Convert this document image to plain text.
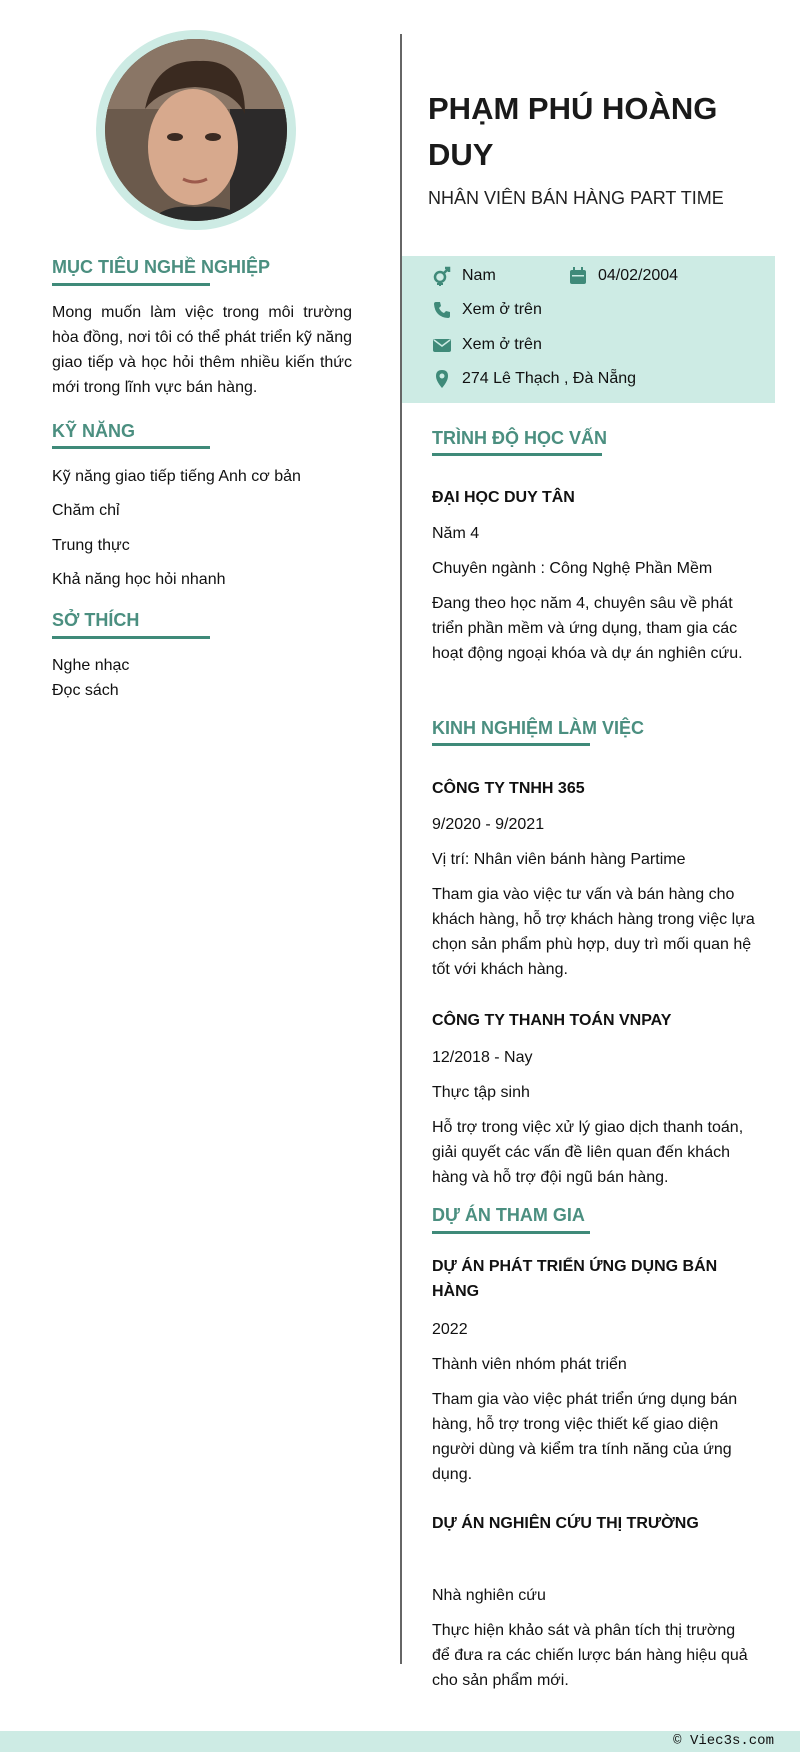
MỤC TIÊU NGHỀ NGHIỆP
Mong muốn làm việc trong môi trường hòa đồng, nơi tôi có thể phát triển kỹ năng giao tiếp và học hỏi thêm nhiều kiến thức mới trong lĩnh vực bán hàng.
KỸ NĂNG
Kỹ năng giao tiếp tiếng Anh cơ bản
Chăm chỉ
Trung thực
Khả năng học hỏi nhanh
SỞ THÍCH
Nghe nhạc
Đọc sách
PHẠM PHÚ HOÀNG DUY
NHÂN VIÊN BÁN HÀNG PART TIME
Nam	04/02/2004
Xem ở trên
Xem ở trên
274 Lê Thạch , Đà Nẵng
TRÌNH ĐỘ HỌC VẤN
ĐẠI HỌC DUY TÂN
Năm 4
Chuyên ngành : Công Nghệ Phần Mềm
Đang theo học năm 4, chuyên sâu về phát triển phần mềm và ứng dụng, tham gia các hoạt động ngoại khóa và dự án nghiên cứu.
KINH NGHIỆM LÀM VIỆC
CÔNG TY TNHH 365
9/2020 - 9/2021
Vị trí: Nhân viên bánh hàng Partime
Tham gia vào việc tư vấn và bán hàng cho khách hàng, hỗ trợ khách hàng trong việc lựa chọn sản phẩm phù hợp, duy trì mối quan hệ tốt với khách hàng.
CÔNG TY THANH TOÁN VNPAY
12/2018 - Nay
Thực tập sinh
Hỗ trợ trong việc xử lý giao dịch thanh toán, giải quyết các vấn đề liên quan đến khách hàng và hỗ trợ đội ngũ bán hàng.
DỰ ÁN THAM GIA
DỰ ÁN PHÁT TRIỂN ỨNG DỤNG BÁN HÀNG
2022
Thành viên nhóm phát triển
Tham gia vào việc phát triển ứng dụng bán hàng, hỗ trợ trong việc thiết kế giao diện người dùng và kiểm tra tính năng của ứng dụng.
DỰ ÁN NGHIÊN CỨU THỊ TRƯỜNG
Nhà nghiên cứu
Thực hiện khảo sát và phân tích thị trường để đưa ra các chiến lược bán hàng hiệu quả cho sản phẩm mới.
© Viec3s.com
